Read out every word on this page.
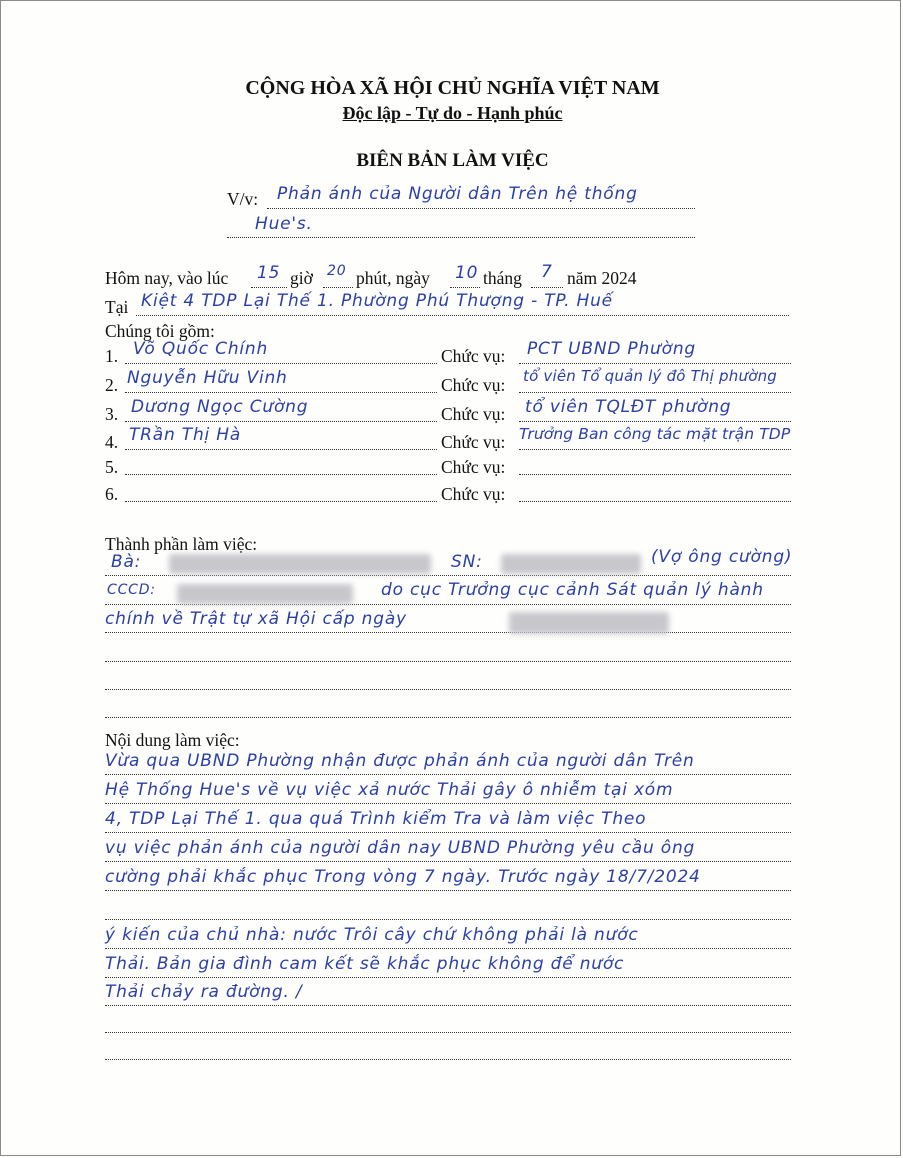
CỘNG HÒA XÃ HỘI CHỦ NGHĨA VIỆT NAM
Độc lập - Tự do - Hạnh phúc
BIÊN BẢN LÀM VIỆC
V/v: Phản ánh của Người dân Trên hệ thống
Hue's.
Hôm nay, vào lúc 15 giờ 20 phút, ngày 10 tháng 7 năm 2024
Tại Kiệt 4 TDP Lại Thế 1. Phường Phú Thượng - TP. Huế
Chúng tôi gồm:
1. Võ Quốc Chính	Chức vụ: PCT UBND Phường
2. Nguyễn Hữu Vinh	Chức vụ: tổ viên Tổ quản lý đô Thị phường
3. Dương Ngọc Cường	Chức vụ: tổ viên TQLĐT phường
4. TRần Thị Hà	Chức vụ: Trưởng Ban công tác mặt trận TDP
5.	Chức vụ:
6.	Chức vụ:
Thành phần làm việc:
Bà:	SN:	(Vợ ông cường)
CCCD:	do cục Trưởng cục cảnh Sát quản lý hành
chính về Trật tự xã Hội cấp ngày
Nội dung làm việc:
Vừa qua UBND Phường nhận được phản ánh của người dân Trên
Hệ Thống Hue's về vụ việc xả nước Thải gây ô nhiễm tại xóm
4, TDP Lại Thế 1. qua quá Trình kiểm Tra và làm việc Theo
vụ việc phản ánh của người dân nay UBND Phường yêu cầu ông
cường phải khắc phục Trong vòng 7 ngày. Trước ngày 18/7/2024
ý kiến của chủ nhà: nước Trôi cây chứ không phải là nước
Thải. Bản gia đình cam kết sẽ khắc phục không để nước
Thải chảy ra đường. /
